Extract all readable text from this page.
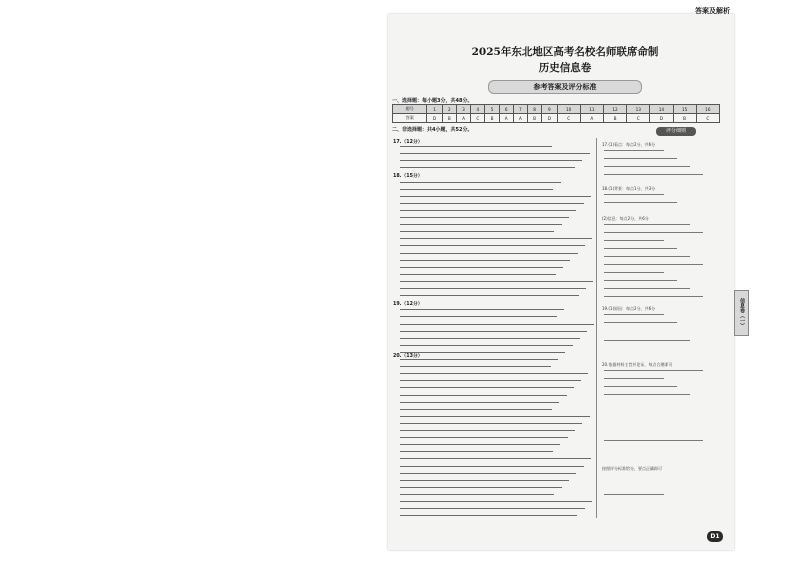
答案及解析
2025年东北地区高考名校名师联席命制
历史信息卷
参考答案及评分标准
一、选择题：每小题3分，共48分。
题号	1	2	3	4	5	6	7	8	9	10	11	12	13	14	15	16
答案	D	B	A	C	B	A	A	B	D	C	A	B	C	D	B	C
二、非选择题：共4小题，共52分。	评分细则
17.（12分）
18.（15分）
19.（12分）
20.（13分）
17.(1)看点：每点2分，共6分
18.(1)背景：每点1分，共3分
(2)信息：每点2分，共6分
19.(1)原因：每点2分，共6分
20.依据材料主旨并论证，每点合理即可
按照评分标准给分，要点正确即可
信息卷（一）
D1
